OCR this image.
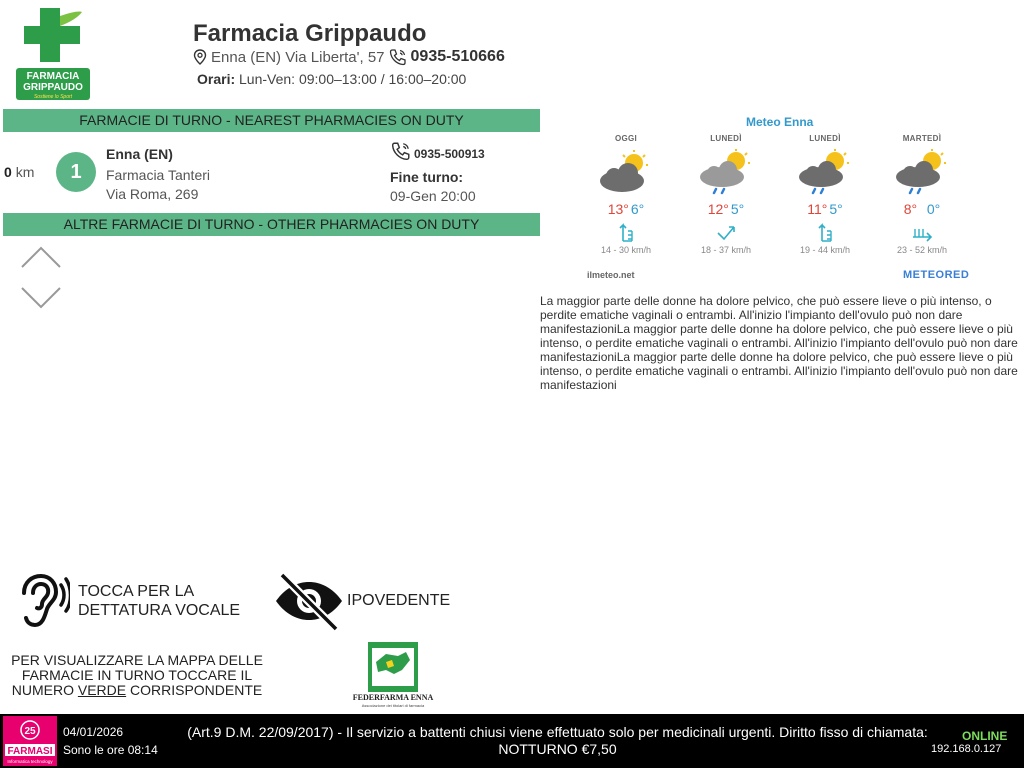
FARMACIA
GRIPPAUDO
Sostiene lo Sport
Farmacia Grippaudo
Enna (EN) Via Liberta', 57 0935-510666
Orari: Lun-Ven: 09:00–13:00 / 16:00–20:00
FARMACIE DI TURNO - NEAREST PHARMACIES ON DUTY
0 km	1
Enna (EN)
Farmacia Tanteri
Via Roma, 269
0935-500913
Fine turno:
09-Gen 20:00
ALTRE FARMACIE DI TURNO - OTHER PHARMACIES ON DUTY
Meteo Enna
OGGI
13° 6°
14 - 30 km/h
LUNEDÌ
12° 5°
18 - 37 km/h
LUNEDÌ
11° 5°
19 - 44 km/h
MARTEDÌ
8° 0°
23 - 52 km/h
ilmeteo.net	METEORED
La maggior parte delle donne ha dolore pelvico, che può essere lieve o più intenso, o perdite ematiche vaginali o entrambi. All'inizio l'impianto dell'ovulo può non dare manifestazioniLa maggior parte delle donne ha dolore pelvico, che può essere lieve o più intenso, o perdite ematiche vaginali o entrambi. All'inizio l'impianto dell'ovulo può non dare manifestazioniLa maggior parte delle donne ha dolore pelvico, che può essere lieve o più intenso, o perdite ematiche vaginali o entrambi. All'inizio l'impianto dell'ovulo può non dare manifestazioni
TOCCA PER LA
DETTATURA VOCALE
IPOVEDENTE
PER VISUALIZZARE LA MAPPA DELLE FARMACIE IN TURNO TOCCARE IL NUMERO VERDE CORRISPONDENTE	FEDERFARMA ENNA
Associazione dei titolari di farmacia
25
FARMASI
Informatica technology
04/01/2026
Sono le ore 08:14
(Art.9 D.M. 22/09/2017) - Il servizio a battenti chiusi viene effettuato solo per medicinali urgenti. Diritto fisso di chiamata: NOTTURNO €7,50
ONLINE
192.168.0.127
